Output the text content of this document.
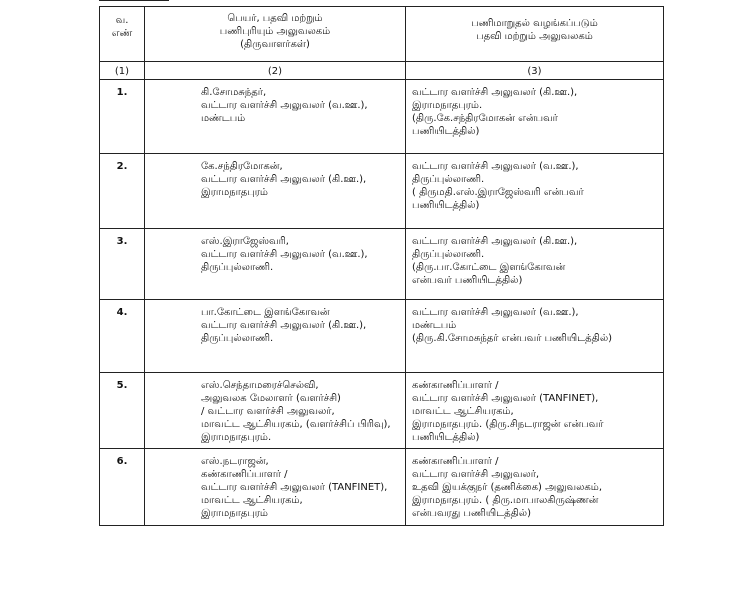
வ.
எண்	பெயர், பதவி மற்றும்
பணிபுரியும் அலுவலகம்
(திருவாளர்கள்)	பணிமாறுதல் வழங்கப்படும்
பதவி மற்றும் அலுவலகம்

(1)	(2)	(3)
1.	கி.சோமசுந்தர்,
வட்டார வளர்ச்சி அலுவலர் (வ.ஊ.),
மண்டபம்	வட்டார வளர்ச்சி அலுவலர் (கி.ஊ.),
இராமநாதபுரம்.
(திரு.கே.சந்திரமோகன் என்பவர்
பணியிடத்தில்)

2.	கே.சந்திரமோகன்,
வட்டார வளர்ச்சி அலுவலர் (கி.ஊ.),
இராமநாதபுரம்	வட்டார வளர்ச்சி அலுவலர் (வ.ஊ.),
திருப்புல்லாணி.
( திருமதி.எஸ்.இராஜேஸ்வரி என்பவர்
பணியிடத்தில்)

3.	எஸ்.இராஜேஸ்வரி,
வட்டார வளர்ச்சி அலுவலர் (வ.ஊ.),
திருப்புல்லாணி.	வட்டார வளர்ச்சி அலுவலர் (கி.ஊ.),
திருப்புல்லாணி.
(திரு.பா.கோட்டை இளங்கோவன்
என்பவர் பணியிடத்தில்)

4.	பா.கோட்டை இளங்கோவன்
வட்டார வளர்ச்சி அலுவலர் (கி.ஊ.),
திருப்புல்லாணி.	வட்டார வளர்ச்சி அலுவலர் (வ.ஊ.),
மண்டபம்
(திரு.கி.சோமசுந்தர் என்பவர் பணியிடத்தில்)

5.	எஸ்.செந்தாமரைச்செல்வி,
அலுவலக மேலாளர் (வளர்ச்சி)
/ வட்டார வளர்ச்சி அலுவலர்,
மாவட்ட ஆட்சியரகம், (வளர்ச்சிப் பிரிவு),
இராமநாதபுரம்.	கண்காணிப்பாளர் /
வட்டார வளர்ச்சி அலுவலர் (TANFINET),
மாவட்ட ஆட்சியரகம்,
இராமநாதபுரம். (திரு.சிநடராஜன் என்பவர்
பணியிடத்தில்)

6.	எஸ்.நடராஜன்,
கண்காணிப்பாளர் /
வட்டார வளர்ச்சி அலுவலர் (TANFINET),
மாவட்ட ஆட்சியரகம்,
இராமநாதபுரம்	கண்காணிப்பாளர் /
வட்டார வளர்ச்சி அலுவலர்,
உதவி இயக்குநர் (தணிக்கை) அலுவலகம்,
இராமநாதபுரம். ( திரு.மாபாலகிருஷ்ணன்
என்பவரது பணியிடத்தில்)
